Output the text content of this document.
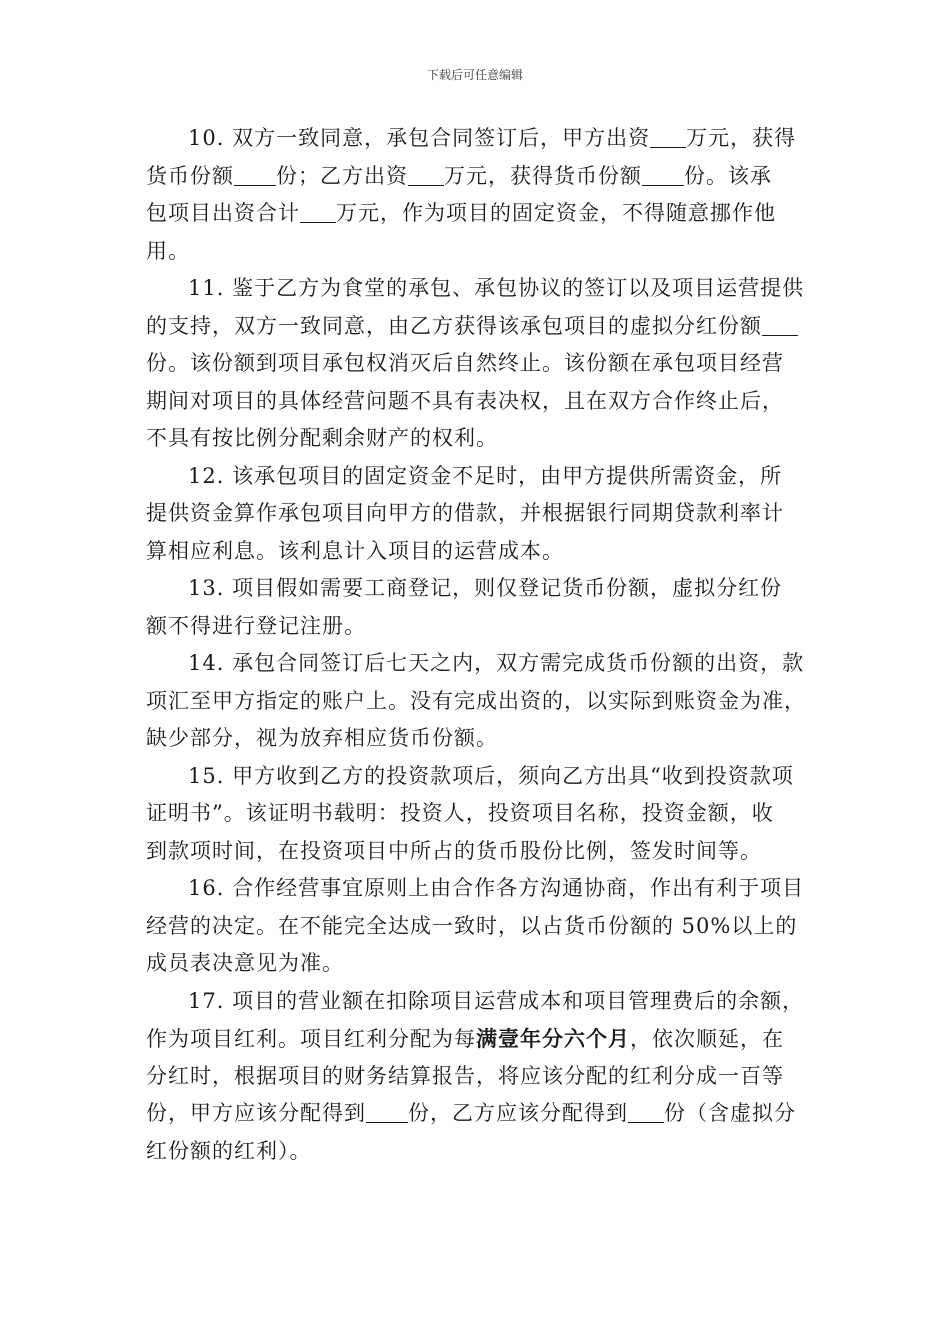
下载后可任意编辑
10. 双方一致同意，承包合同签订后，甲方出资 万元，获得
货币份额 份；乙方出资 万元，获得货币份额 份。该承
包项目出资合计 万元，作为项目的固定资金，不得随意挪作他
用。
11. 鉴于乙方为食堂的承包、承包协议的签订以及项目运营提供
的支持，双方一致同意，由乙方获得该承包项目的虚拟分红份额
份。该份额到项目承包权消灭后自然终止。该份额在承包项目经营
期间对项目的具体经营问题不具有表决权，且在双方合作终止后，
不具有按比例分配剩余财产的权利。
12. 该承包项目的固定资金不足时，由甲方提供所需资金，所
提供资金算作承包项目向甲方的借款，并根据银行同期贷款利率计
算相应利息。该利息计入项目的运营成本。
13. 项目假如需要工商登记，则仅登记货币份额，虚拟分红份
额不得进行登记注册。
14. 承包合同签订后七天之内，双方需完成货币份额的出资，款
项汇至甲方指定的账户上。没有完成出资的，以实际到账资金为准，
缺少部分，视为放弃相应货币份额。
15. 甲方收到乙方的投资款项后，须向乙方出具“收到投资款项
证明书”。该证明书载明：投资人，投资项目名称，投资金额，收
到款项时间，在投资项目中所占的货币股份比例，签发时间等。
16. 合作经营事宜原则上由合作各方沟通协商，作出有利于项目
经营的决定。在不能完全达成一致时，以占货币份额的 50%以上的
成员表决意见为准。
17. 项目的营业额在扣除项目运营成本和项目管理费后的余额，
作为项目红利。项目红利分配为每满壹年分六个月，依次顺延，在
分红时，根据项目的财务结算报告，将应该分配的红利分成一百等
份，甲方应该分配得到 份，乙方应该分配得到 份（含虚拟分
红份额的红利）。
